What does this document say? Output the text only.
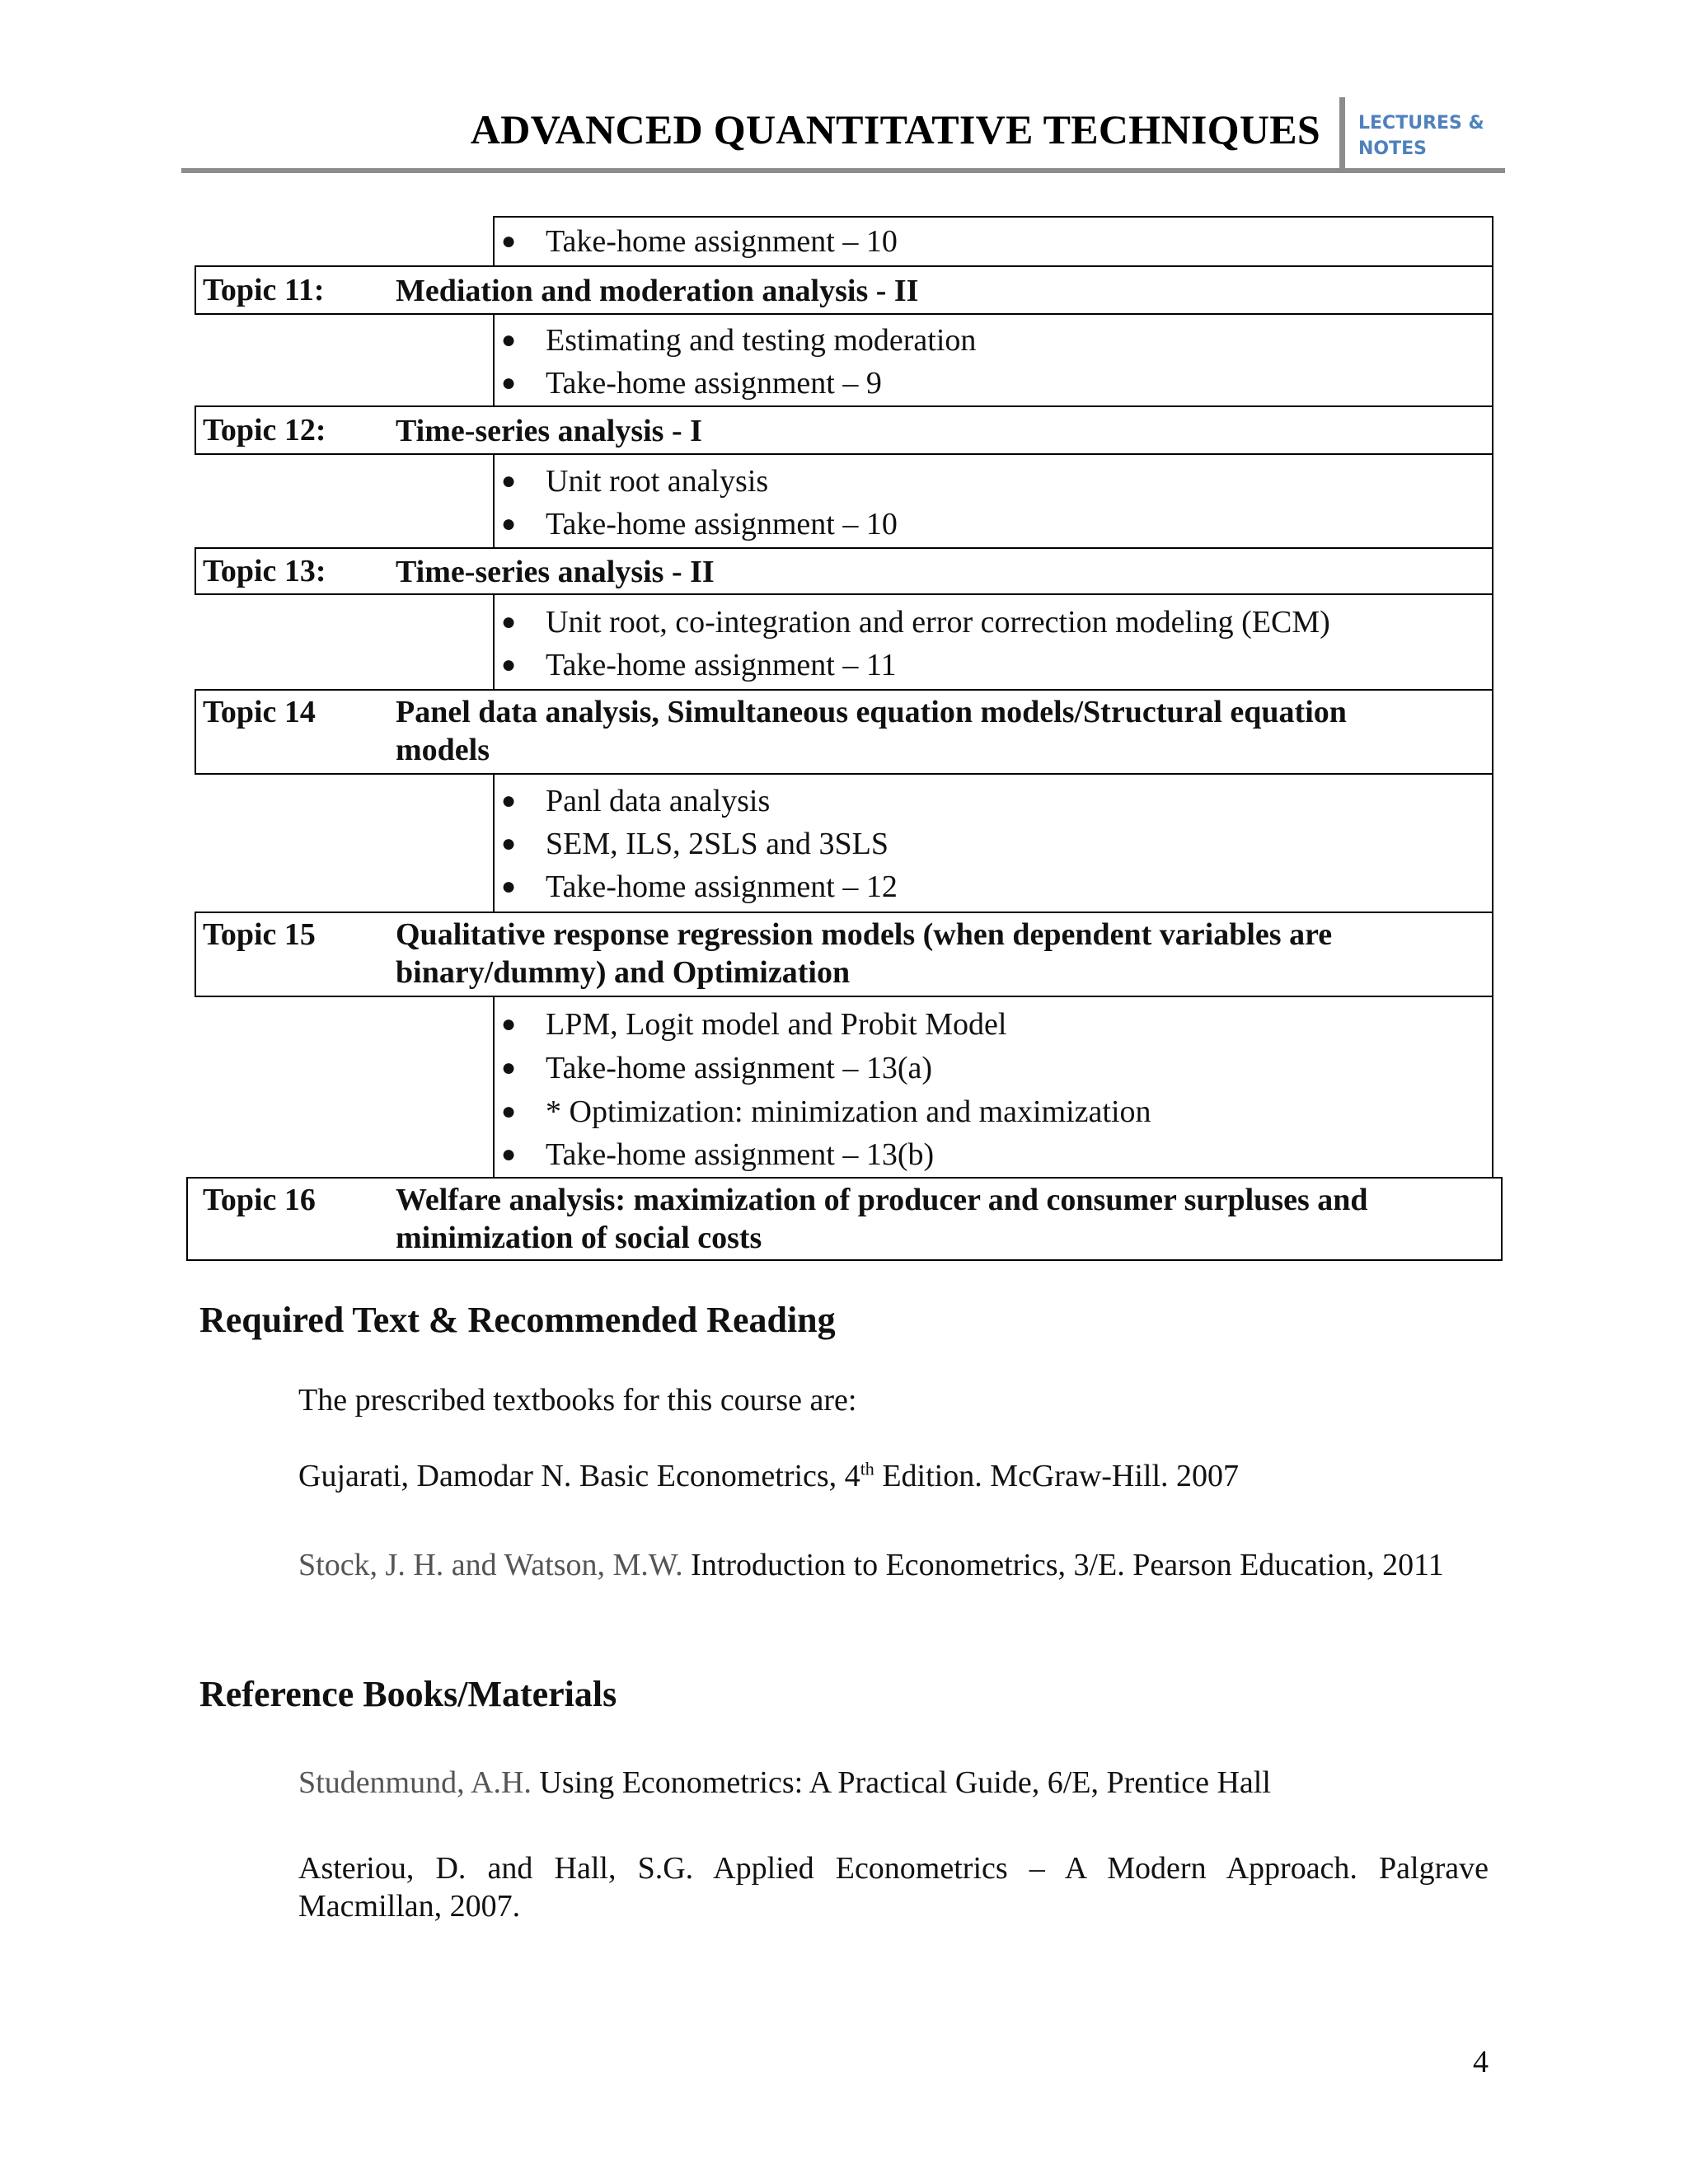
ADVANCED QUANTITATIVE TECHNIQUES LECTURES &
NOTES
● Take-home assignment – 10
Topic 11: Mediation and moderation analysis - II
● Estimating and testing moderation
● Take-home assignment – 9
Topic 12: Time-series analysis - I
● Unit root analysis
● Take-home assignment – 10
Topic 13: Time-series analysis - II
● Unit root, co-integration and error correction modeling (ECM)
● Take-home assignment – 11
Topic 14	Panel data analysis, Simultaneous equation models/Structural equation models
● Panl data analysis
● SEM, ILS, 2SLS and 3SLS
● Take-home assignment – 12
Topic 15	Qualitative response regression models (when dependent variables are binary/dummy) and Optimization
● LPM, Logit model and Probit Model
● Take-home assignment – 13(a)
● * Optimization: minimization and maximization
● Take-home assignment – 13(b)
Topic 16	Welfare analysis: maximization of producer and consumer surpluses and minimization of social costs
Required Text & Recommended Reading
The prescribed textbooks for this course are:
Gujarati, Damodar N. Basic Econometrics, 4th Edition. McGraw-Hill. 2007
Stock, J. H. and Watson, M.W. Introduction to Econometrics, 3/E. Pearson Education, 2011
Reference Books/Materials
Studenmund, A.H. Using Econometrics: A Practical Guide, 6/E, Prentice Hall
Asteriou, D. and Hall, S.G. Applied Econometrics – A Modern Approach. Palgrave Macmillan, 2007.
4
